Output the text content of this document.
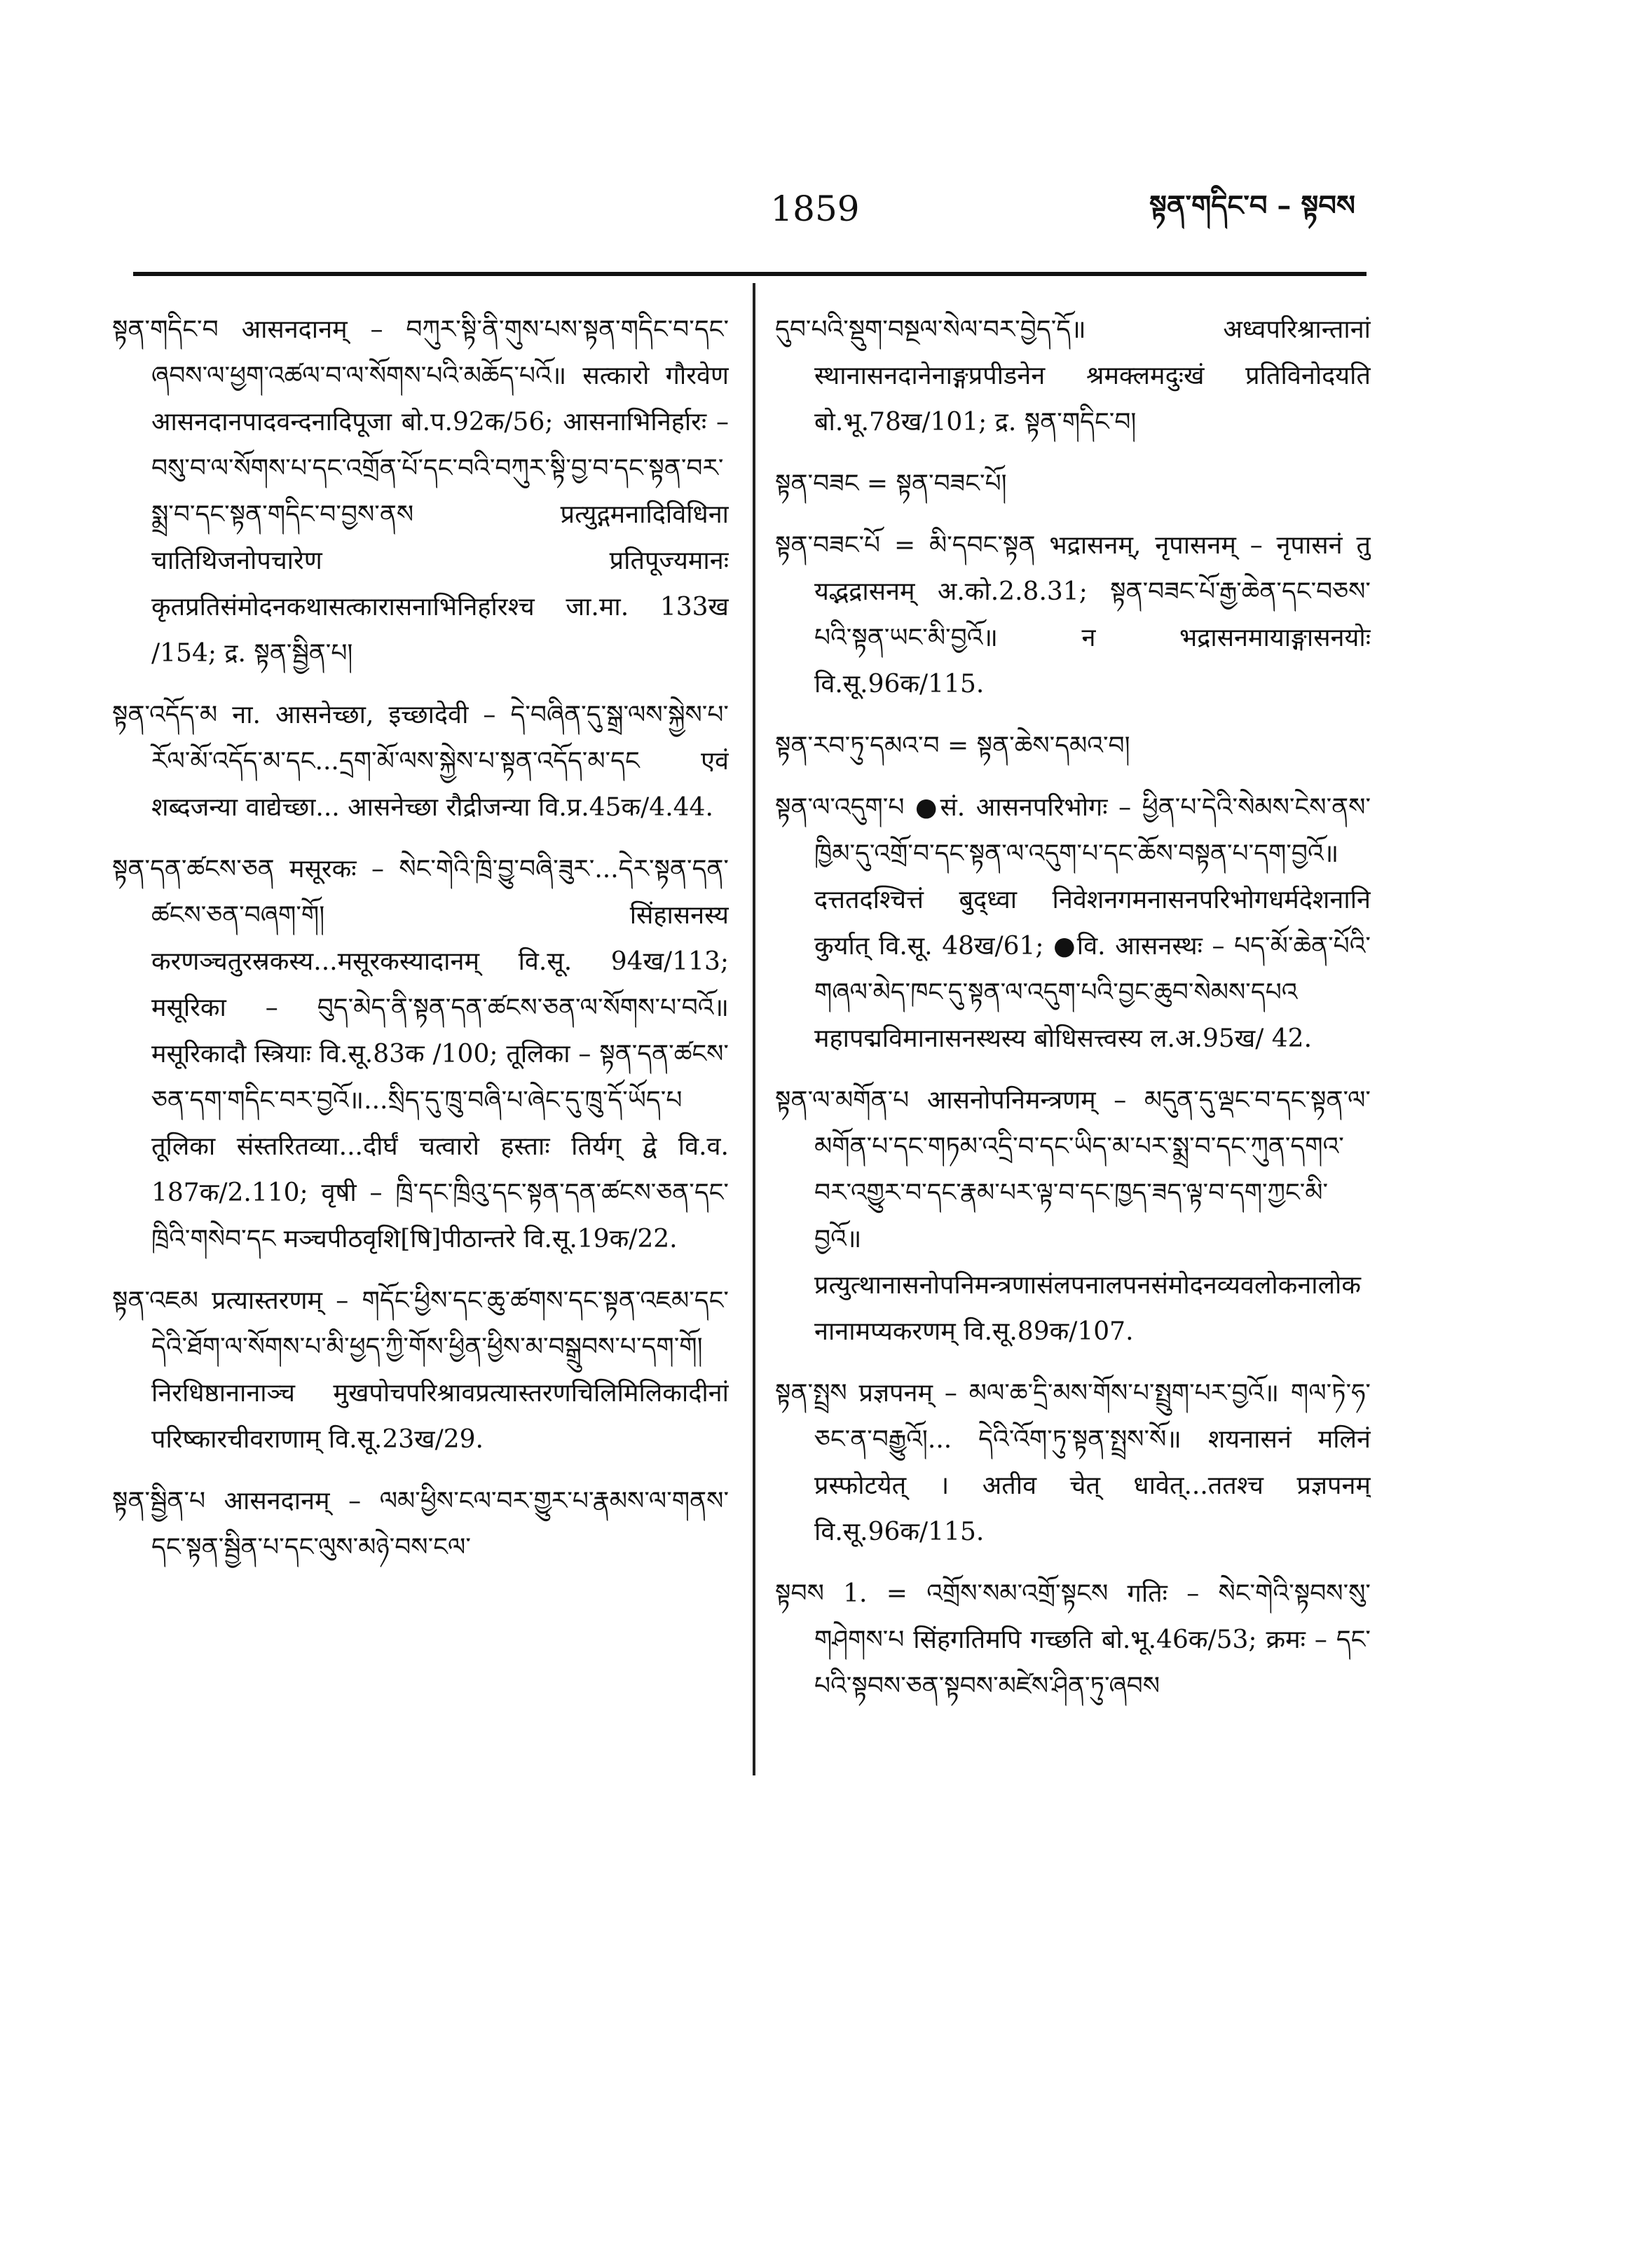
1859	སྟན་གདིང་བ – སྟབས

སྟན་གདིང་བ आसनदानम् – བཀུར་སྟི་ནི་གུས་པས་སྟན་གདིང་བ་དང་ཞབས་ལ་ཕྱག་འཚལ་བ་ལ་སོགས་པའི་མཆོད་པའོ॥ सत्कारो गौरवेण आसनदानपादवन्दनादिपूजा बो.प.92क/56; आसनाभिनिर्हारः – བསུ་བ་ལ་སོགས་པ་དང་འགྲོན་པོ་དང་བའི་བཀུར་སྟི་བྱ་བ་དང་སྟན་བར་སྨྲ་བ་དང་སྟན་གདིང་བ་བྱས་ནས प्रत्युद्गमनादिविधिना चातिथिजनोपचारेण प्रतिपूज्यमानः कृतप्रतिसंमोदनकथासत्कारासनाभिनिर्हारश्च जा.मा. 133ख /154; द्र. སྟན་སྦྱིན་པ།

སྟན་འདོད་མ ना. आसनेच्छा, इच्छादेवी – དེ་བཞིན་དུ་སྒྲ་ལས་སྐྱེས་པ་རོལ་མོ་འདོད་མ་དང...དྲག་མོ་ལས་སྐྱེས་པ་སྟན་འདོད་མ་དང एवं शब्दजन्या वाद्येच्छा... आसनेच्छा रौद्रीजन्या वि.प्र.45क/4.44.

སྟན་དན་ཚངས་ཅན मसूरकः – སེང་གེའི་ཁྲི་བྱུ་བཞི་ཟུར་...དེར་སྟན་དན་ཚངས་ཅན་བཞག་གོ། सिंहासनस्य करणञ्चतुरस्रकस्य...मसूरकस्यादानम् वि.सू. 94ख/113; मसूरिका – བུད་མེད་ནི་སྟན་དན་ཚངས་ཅན་ལ་སོགས་པ་བའོ॥ मसूरिकादौ स्त्रियाः वि.सू.83क /100; तूलिका – སྟན་དན་ཚངས་ཅན་དག་གདིང་བར་བྱའོ॥...སྲིད་དུ་ཁྲུ་བཞི་པ་ཞེང་དུ་ཁྲུ་དོ་ཡོད་པ तूलिका संस्तरितव्या...दीर्घं चत्वारो हस्ताः तिर्यग् द्वे वि.व. 187क/2.110; वृषी – ཁྲི་དང་ཁྲིའུ་དང་སྟན་དན་ཚངས་ཅན་དང་ཁྲིའི་གསེབ་དང मञ्चपीठवृशि[षि]पीठान्तरे वि.सू.19क/22.

སྟན་འཇམ प्रत्यास्तरणम् – གདོང་ཕྱིས་དང་ཆུ་ཚགས་དང་སྟན་འཇམ་དང་དེའི་ཐོག་ལ་སོགས་པ་མི་ཕྱད་ཀྱི་གོས་ཕྱིན་ཕྱིས་མ་བསྒྲུབས་པ་དག་གོ། निरधिष्ठानानाञ्च मुखपोचपरिश्रावप्रत्यास्तरणचिलिमिलिकादीनां परिष्कारचीवराणाम् वि.सू.23ख/29.

སྟན་སྦྱིན་པ आसनदानम् – ལམ་ཕྱིས་ངལ་བར་གྱུར་པ་རྣམས་ལ་གནས་དང་སྟན་སྦྱིན་པ་དང་ལུས་མཉེ་བས་ངལ་

དུབ་པའི་སྡུག་བསྔལ་སེལ་བར་བྱེད་དོ॥ अध्वपरिश्रान्तानां स्थानासनदानेनाङ्गप्रपीडनेन श्रमक्लमदुःखं प्रतिविनोदयति बो.भू.78ख/101; द्र. སྟན་གདིང་བ།

སྟན་བཟང = སྟན་བཟང་པོ།

སྟན་བཟང་པོ = མི་དབང་སྟན भद्रासनम्, नृपासनम् – नृपासनं तु यद्भद्रासनम् अ.को.2.8.31; སྟན་བཟང་པོ་རྒྱ་ཆེན་དང་བཅས་པའི་སྟན་ཡང་མི་བྱའོ॥ न भद्रासनमायाङ्गासनयोः वि.सू.96क/115.

སྟན་རབ་ཏུ་དམའ་བ = སྟན་ཆེས་དམའ་བ།

སྟན་ལ་འདུག་པ ●सं. आसनपरिभोगः – ཕྱིན་པ་དེའི་སེམས་ངེས་ནས་ཁྱིམ་དུ་འགྲོ་བ་དང་སྟན་ལ་འདུག་པ་དང་ཆོས་བསྟན་པ་དག་བྱའོ॥ दत्ततदश्चित्तं बुद्ध्वा निवेशनगमनासनपरिभोगधर्मदेशनानि कुर्यात् वि.सू. 48ख/61; ●वि. आसनस्थः – པད་མོ་ཆེན་པོའི་གཞལ་མེད་ཁང་དུ་སྟན་ལ་འདུག་པའི་བྱང་ཆུབ་སེམས་དཔའ महापद्मविमानासनस्थस्य बोधिसत्त्वस्य ल.अ.95ख/ 42.

སྟན་ལ་མགོན་པ आसनोपनिमन्त्रणम् – མདུན་དུ་ལྡང་བ་དང་སྟན་ལ་མགོན་པ་དང་གཏམ་འདྲི་བ་དང་ཡིད་མ་པར་སྨྲ་བ་དང་ཀུན་དགའ་བར་འགྱུར་བ་དང་རྣམ་པར་ལྟ་བ་དང་ཁྱད་ཟད་ལྟ་བ་དག་ཀྱང་མི་བྱའོ॥ प्रत्युत्थानासनोपनिमन्त्रणासंलपनालपनसंमोदनव्यवलोकनालोकनानामप्यकरणम् वि.सू.89क/107.

སྟན་སྤྲས प्रज्ञपनम् – མལ་ཆ་དྲི་མས་གོས་པ་སྤྲུག་པར་བྱའོ॥ གལ་ཏེ་ཧ་ཅང་ན་བརྒྱུའོ།... དེའི་འོག་ཏུ་སྟན་སྤྲས་སོ॥ शयनासनं मलिनं प्रस्फोटयेत् । अतीव चेत् धावेत्...ततश्च प्रज्ञपनम् वि.सू.96क/115.

སྟབས 1. = འགྲོས་སམ་འགྲོ་སྟངས गतिः – སེང་གེའི་སྟབས་སུ་གཤེགས་པ सिंहगतिमपि गच्छति बो.भू.46क/53; क्रमः – དང་པའི་སྟབས་ཅན་སྟབས་མཛེས་ཤིན་ཏུ་ཞབས
